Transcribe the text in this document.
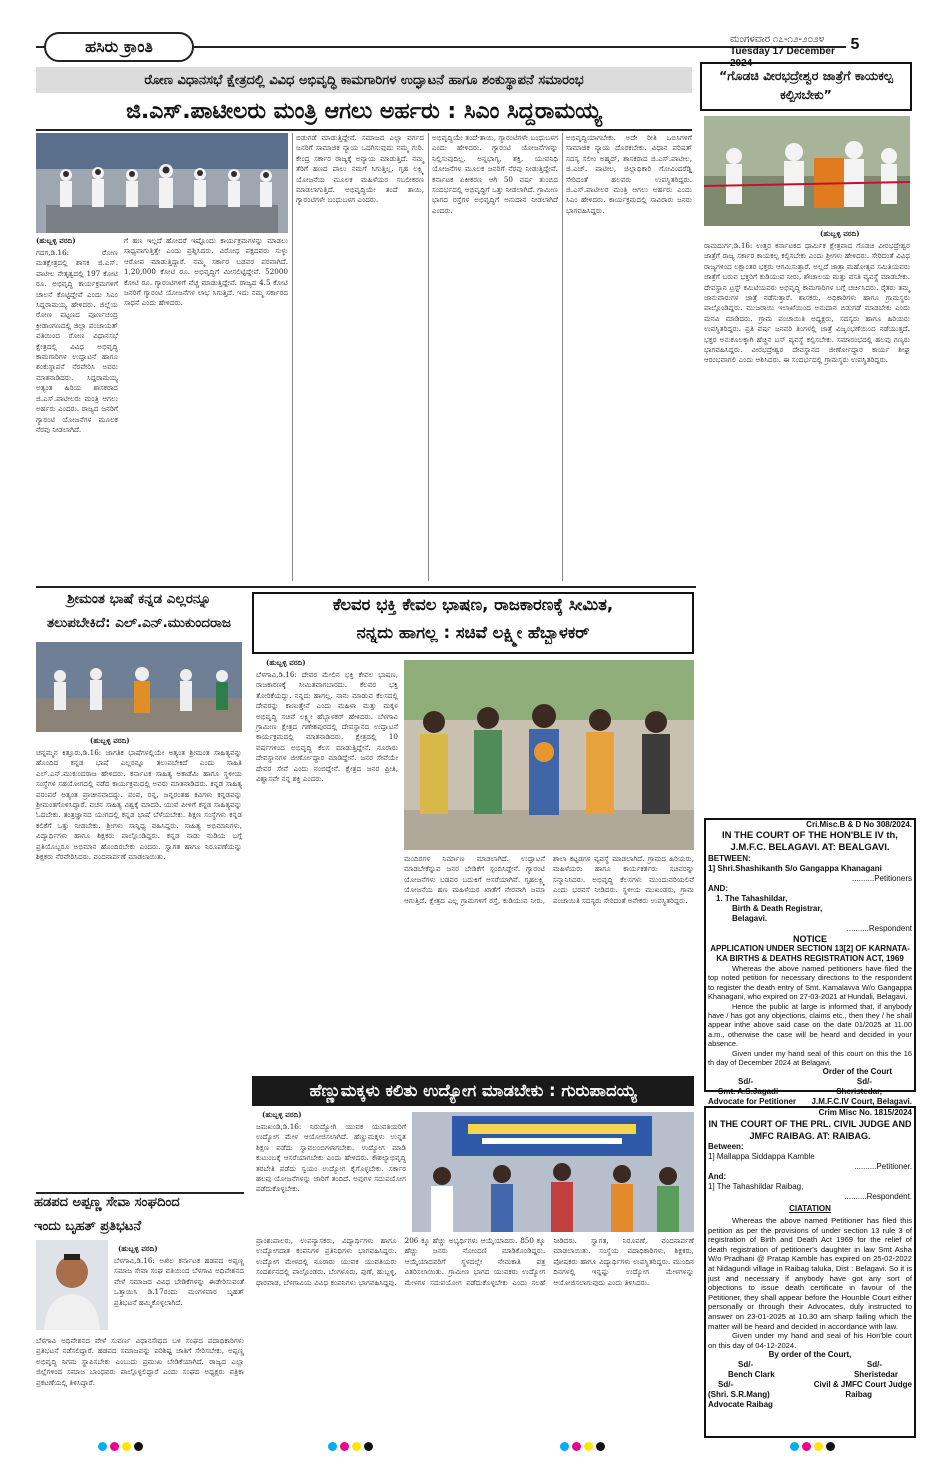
ಹಸಿರು ಕ್ರಾಂತಿ	ಮಂಗಳವಾರ ೧೭-೧೨-೨೦೨೪
Tuesday 17 December 2024
5
ರೋಣ ವಿಧಾನಸಭೆ ಕ್ಷೇತ್ರದಲ್ಲಿ ವಿವಿಧ ಅಭಿವೃದ್ಧಿ ಕಾಮಗಾರಿಗಳ ಉದ್ಘಾಟನೆ ಹಾಗೂ ಶಂಕುಸ್ಥಾಪನೆ ಸಮಾರಂಭ
ಜಿ.ಎಸ್.ಪಾಟೀಲರು ಮಂತ್ರಿ ಆಗಲು ಅರ್ಹರು : ಸಿಎಂ ಸಿದ್ದರಾಮಯ್ಯ
(ಹುಬ್ಬಳ್ಳಿ ವರದಿ)
ಗದಗ,ಡಿ.16: ರೋಣ ಮತಕ್ಷೇತ್ರದಲ್ಲಿ ಶಾಸಕ ಜಿ.ಎಸ್. ಪಾಟೀಲ ನೇತೃತ್ವದಲ್ಲಿ 197 ಕೋಟಿ ರೂ. ಅಭಿವೃದ್ಧಿ ಕಾರ್ಯಕ್ರಮಗಳಿಗೆ ಚಾಲನೆ ಕೊಟ್ಟಿದ್ದೇವೆ ಎಂದು ಸಿಎಂ ಸಿದ್ದರಾಮಯ್ಯ ಹೇಳಿದರು. ಜಿಲ್ಲೆಯ ರೋಣ ಪಟ್ಟಣದ ಪೂರ್ಣಚಂದ್ರ ಕ್ರೀಡಾಂಗಣದಲ್ಲಿ ಜಿಲ್ಲಾ ಪಂಚಾಯತ್ ವತಿಯಿಂದ ರೋಣ ವಿಧಾನಸಭೆ ಕ್ಷೇತ್ರದಲ್ಲಿ ವಿವಿಧ ಅಭಿವೃದ್ಧಿ ಕಾಮಗಾರಿಗಳ ಉದ್ಘಾಟನೆ ಹಾಗೂ ಶಂಕುಸ್ಥಾಪನೆ ನೆರವೇರಿಸಿ ಅವರು ಮಾತನಾಡಿದರು. ಸಿದ್ದರಾಮಯ್ಯ ಅತ್ಯಂತ ಹಿರಿಯ ಶಾಸಕರಾದ ಜಿ.ಎಸ್.ಪಾಟೀಲರು ಮಂತ್ರಿ ಆಗಲು ಅರ್ಹರು ಎಂದರು. ರಾಜ್ಯದ ಜನರಿಗೆ ಗ್ಯಾರಂಟಿ ಯೋಜನೆಗಳ ಮೂಲಕ ನೆರವು ನೀಡಲಾಗಿದೆ.
ಗೆ ಹಣ ಇಲ್ಲದೆ ಹೋದರೆ ಇಷ್ಟೊಂದು ಕಾರ್ಯಕ್ರಮಗಳನ್ನು ಮಾಡಲು ಸಾಧ್ಯವಾಗುತ್ತಿತ್ತೇ ಎಂದು ಪ್ರಶ್ನಿಸಿದರು. ವಿರೋಧ ಪಕ್ಷದವರು ಸುಳ್ಳು ಆರೋಪ ಮಾಡುತ್ತಿದ್ದಾರೆ. ನಮ್ಮ ಸರ್ಕಾರ ಬಡವರ ಪರವಾಗಿದೆ. 1,20,000 ಕೋಟಿ ರೂ. ಅಭಿವೃದ್ಧಿಗೆ ಮೀಸಲಿಟ್ಟಿದ್ದೇವೆ. 52000 ಕೋಟಿ ರೂ. ಗ್ಯಾರಂಟಿಗಳಿಗೆ ವೆಚ್ಚ ಮಾಡುತ್ತಿದ್ದೇವೆ. ರಾಜ್ಯದ 4.5 ಕೋಟಿ ಜನರಿಗೆ ಗ್ಯಾರಂಟಿ ಯೋಜನೆಗಳ ಲಾಭ ಸಿಗುತ್ತಿದೆ. ಇದು ನಮ್ಮ ಸರ್ಕಾರದ ಸಾಧನೆ ಎಂದು ಹೇಳಿದರು.
ಬಿಡುಗಡೆ ಮಾಡುತ್ತಿದ್ದೇವೆ. ಸಮಾಜದ ಎಲ್ಲಾ ವರ್ಗದ ಜನರಿಗೆ ಸಾಮಾಜಿಕ ನ್ಯಾಯ ಒದಗಿಸುವುದು ನಮ್ಮ ಗುರಿ. ಕೇಂದ್ರ ಸರ್ಕಾರ ರಾಜ್ಯಕ್ಕೆ ಅನ್ಯಾಯ ಮಾಡುತ್ತಿದೆ. ನಮ್ಮ ತೆರಿಗೆ ಹಣದ ಪಾಲು ನಮಗೆ ಸಿಗುತ್ತಿಲ್ಲ. ಗೃಹ ಲಕ್ಷ್ಮಿ ಯೋಜನೆಯ ಮೂಲಕ ಮಹಿಳೆಯರ ಸಬಲೀಕರಣ ಮಾಡಲಾಗುತ್ತಿದೆ. ಅಭಿವೃದ್ಧಿಯೇ ತಂದೆ ತಾಯಿ, ಗ್ಯಾರಂಟಿಗಳೇ ಬಂಧುಬಳಗ ಎಂದರು.
ಅಭಿವೃದ್ಧಿಯೇ ತಂದೆ-ತಾಯಿ, ಗ್ಯಾರಂಟಿಗಳೇ ಬಂಧುಬಳಗ ಎಂದು ಹೇಳಿದರು. ಗ್ಯಾರಂಟಿ ಯೋಜನೆಗಳನ್ನು ನಿಲ್ಲಿಸುವುದಿಲ್ಲ. ಅನ್ನಭಾಗ್ಯ, ಶಕ್ತಿ, ಯುವನಿಧಿ ಯೋಜನೆಗಳ ಮೂಲಕ ಜನರಿಗೆ ನೆರವು ನೀಡುತ್ತಿದ್ದೇವೆ. ಕರ್ನಾಟಕ ಏಕೀಕರಣ ಆಗಿ 50 ವರ್ಷ ತುಂಬಿದ ಸಂದರ್ಭದಲ್ಲಿ ಅಭಿವೃದ್ಧಿಗೆ ಒತ್ತು ನೀಡಲಾಗಿದೆ. ಗ್ರಾಮೀಣ ಭಾಗದ ರಸ್ತೆಗಳ ಅಭಿವೃದ್ಧಿಗೆ ಅನುದಾನ ನೀಡಲಾಗಿದೆ ಎಂದರು.
ಅಭಿವೃದ್ಧಿಯಾಗಬೇಕು. ಅದೇ ರೀತಿ ಒಬಿಸಿಗಳಿಗೆ ಸಾಮಾಜಿಕ ನ್ಯಾಯ ದೊರಕಬೇಕು. ವಿಧಾನ ಪರಿಷತ್ ಸದಸ್ಯ ಸಲೀಂ ಅಹ್ಮದ್, ಶಾಸಕರಾದ ಜಿ.ಎಸ್.ಪಾಟೀಲ, ಜಿ.ಎಚ್. ಪಾಟೀಲ, ಜಿಲ್ಲಾಧಿಕಾರಿ ಗೋವಿಂದರೆಡ್ಡಿ ಸೇರಿದಂತೆ ಹಲವರು ಉಪಸ್ಥಿತರಿದ್ದರು. ಜಿ.ಎಸ್.ಪಾಟೀಲರ ಮಂತ್ರಿ ಆಗಲು ಅರ್ಹರು ಎಂದು ಸಿಎಂ ಹೇಳಿದರು. ಕಾರ್ಯಕ್ರಮದಲ್ಲಿ ಸಾವಿರಾರು ಜನರು ಭಾಗವಹಿಸಿದ್ದರು.
“ಗೊಡಚಿ ವೀರಭದ್ರೇಶ್ವರ ಜಾತ್ರೆಗೆ ಕಾಯಕಲ್ಪ ಕಲ್ಪಿಸಬೇಕು”
(ಹುಬ್ಬಳ್ಳಿ ವರದಿ)
ರಾಮದುರ್ಗ,ಡಿ.16: ಉತ್ತರ ಕರ್ನಾಟಕದ ಧಾರ್ಮಿಕ ಕ್ಷೇತ್ರವಾದ ಗೊಡಚಿ ವೀರಭದ್ರೇಶ್ವರ ಜಾತ್ರೆಗೆ ರಾಜ್ಯ ಸರ್ಕಾರ ಕಾಯಕಲ್ಪ ಕಲ್ಪಿಸಬೇಕು ಎಂದು ಶ್ರೀಗಳು ಹೇಳಿದರು. ಸೇರಿದಂತೆ ವಿವಿಧ ರಾಜ್ಯಗಳಿಂದ ಲಕ್ಷಾಂತರ ಭಕ್ತರು ಆಗಮಿಸುತ್ತಾರೆ. ಅಲ್ಲದೆ ಜಾತ್ರಾ ಮಹೋತ್ಸವ ಸಮಿತಿಯವರು ಜಾತ್ರೆಗೆ ಬರುವ ಭಕ್ತರಿಗೆ ಕುಡಿಯುವ ನೀರು, ಶೌಚಾಲಯ ಮತ್ತು ವಸತಿ ವ್ಯವಸ್ಥೆ ಮಾಡಬೇಕು. ದೇವಸ್ಥಾನ ಟ್ರಸ್ಟ್ ಕಮಿಟಿಯವರು ಅಭಿವೃದ್ಧಿ ಕಾಮಗಾರಿಗಳ ಬಗ್ಗೆ ಚರ್ಚಿಸಿದರು. ರೈತರು ತಮ್ಮ ಜಾನುವಾರುಗಳ ಜಾತ್ರೆ ನಡೆಸುತ್ತಾರೆ. ಶಾಸಕರು, ಅಧಿಕಾರಿಗಳು ಹಾಗೂ ಗ್ರಾಮಸ್ಥರು ಪಾಲ್ಗೊಂಡಿದ್ದರು. ಮುಜರಾಯಿ ಇಲಾಖೆಯಿಂದ ಅನುದಾನ ಬಿಡುಗಡೆ ಮಾಡಬೇಕು ಎಂದು ಮನವಿ ಮಾಡಿದರು. ಗ್ರಾಮ ಪಂಚಾಯಿತಿ ಅಧ್ಯಕ್ಷರು, ಸದಸ್ಯರು ಹಾಗೂ ಹಿರಿಯರು ಉಪಸ್ಥಿತರಿದ್ದರು. ಪ್ರತಿ ವರ್ಷ ಜನವರಿ ತಿಂಗಳಲ್ಲಿ ಜಾತ್ರೆ ವಿಜೃಂಭಣೆಯಿಂದ ನಡೆಯುತ್ತದೆ. ಭಕ್ತರ ಅನುಕೂಲಕ್ಕಾಗಿ ಹೆಚ್ಚಿನ ಬಸ್ ವ್ಯವಸ್ಥೆ ಕಲ್ಪಿಸಬೇಕು. ಸಮಾರಂಭದಲ್ಲಿ ಹಲವು ಗಣ್ಯರು ಭಾಗವಹಿಸಿದ್ದರು. ವೀರಭದ್ರೇಶ್ವರ ದೇವಸ್ಥಾನದ ಜೀರ್ಣೋದ್ಧಾರ ಕಾರ್ಯ ಶೀಘ್ರ ಆರಂಭವಾಗಲಿ ಎಂದು ಆಶಿಸಿದರು. ಈ ಸಂದರ್ಭದಲ್ಲಿ ಗ್ರಾಮಸ್ಥರು ಉಪಸ್ಥಿತರಿದ್ದರು.
ಶ್ರೀಮಂತ ಭಾಷೆ ಕನ್ನಡ ಎಲ್ಲರನ್ನೂ
ತಲುಪಬೇಕಿದೆ: ಎಲ್.ಎನ್.ಮುಕುಂದರಾಜ
(ಹುಬ್ಬಳ್ಳಿ ವರದಿ)
ಚನ್ನಮ್ಮನ ಕಿತ್ತೂರು,ಡಿ.16: ಜಾಗತಿಕ ಭಾಷೆಗಳಲ್ಲಿಯೇ ಅತ್ಯಂತ ಶ್ರೀಮಂತ ಸಾಹಿತ್ಯವನ್ನು ಹೊಂದಿದ ಕನ್ನಡ ಭಾಷೆ ಎಲ್ಲರನ್ನೂ ತಲುಪಬೇಕಿದೆ ಎಂದು ಸಾಹಿತಿ ಎಲ್.ಎನ್.ಮುಕುಂದರಾಜ ಹೇಳಿದರು. ಕರ್ನಾಟಕ ಸಾಹಿತ್ಯ ಅಕಾಡೆಮಿ ಹಾಗೂ ಸ್ಥಳೀಯ ಸಂಸ್ಥೆಗಳ ಸಹಯೋಗದಲ್ಲಿ ನಡೆದ ಕಾರ್ಯಕ್ರಮದಲ್ಲಿ ಅವರು ಮಾತನಾಡಿದರು. ಕನ್ನಡ ಸಾಹಿತ್ಯ ಪರಂಪರೆ ಅತ್ಯಂತ ಪ್ರಾಚೀನವಾದದ್ದು. ಪಂಪ, ರನ್ನ, ಜನ್ನರಂತಹ ಕವಿಗಳು ಕನ್ನಡವನ್ನು ಶ್ರೀಮಂತಗೊಳಿಸಿದ್ದಾರೆ. ವಚನ ಸಾಹಿತ್ಯ ವಿಶ್ವಕ್ಕೆ ಮಾದರಿ. ಯುವ ಪೀಳಿಗೆ ಕನ್ನಡ ಸಾಹಿತ್ಯವನ್ನು ಓದಬೇಕು. ತಂತ್ರಜ್ಞಾನದ ಯುಗದಲ್ಲಿ ಕನ್ನಡ ಭಾಷೆ ಬೆಳೆಯಬೇಕು. ಶಿಕ್ಷಣ ಸಂಸ್ಥೆಗಳು ಕನ್ನಡ ಕಲಿಕೆಗೆ ಒತ್ತು ನೀಡಬೇಕು. ಶ್ರೀಗಳು ಸಾನ್ನಿಧ್ಯ ವಹಿಸಿದ್ದರು. ಸಾಹಿತ್ಯ ಅಭಿಮಾನಿಗಳು, ವಿದ್ಯಾರ್ಥಿಗಳು ಹಾಗೂ ಶಿಕ್ಷಕರು ಪಾಲ್ಗೊಂಡಿದ್ದರು. ಕನ್ನಡ ನಾಡು ನುಡಿಯ ಬಗ್ಗೆ ಪ್ರತಿಯೊಬ್ಬರೂ ಅಭಿಮಾನ ಹೊಂದಿರಬೇಕು ಎಂದರು. ಸ್ವಾಗತ ಹಾಗೂ ನಿರೂಪಣೆಯನ್ನು ಶಿಕ್ಷಕರು ನೆರವೇರಿಸಿದರು. ವಂದನಾರ್ಪಣೆ ಮಾಡಲಾಯಿತು.
ಹಡಪದ ಅಪ್ಪಣ್ಣ ಸೇವಾ ಸಂಘದಿಂದ
ಇಂದು ಬೃಹತ್ ಪ್ರತಿಭಟನೆ
(ಹುಬ್ಬಳ್ಳಿ ವರದಿ)
ಬೆಳಗಾವಿ,ಡಿ.16: ಅಖಿಲ ಕರ್ನಾಟಕ ಹಡಪದ ಅಪ್ಪಣ್ಣ ಸಮಾಜ ಸೇವಾ ಸಂಘ ವತಿಯಿಂದ ಬೆಳಗಾವಿ ಅಧಿವೇಶನದ ವೇಳೆ ಸಮಾಜದ ವಿವಿಧ ಬೇಡಿಕೆಗಳನ್ನು ಈಡೇರಿಸುವಂತೆ ಒತ್ತಾಯಿಸಿ ಡಿ.17ರಂದು ಮಂಗಳವಾರ ಬೃಹತ್ ಪ್ರತಿಭಟನೆ ಹಮ್ಮಿಕೊಳ್ಳಲಾಗಿದೆ.
ಬೆಳಗಾವಿ ಅಧಿವೇಶನದ ವೇಳೆ ಸುವರ್ಣ ವಿಧಾನಸೌಧದ ಬಳಿ ಸಂಘದ ಪದಾಧಿಕಾರಿಗಳು ಪ್ರತಿಭಟನೆ ನಡೆಸಲಿದ್ದಾರೆ. ಹಡಪದ ಸಮಾಜವನ್ನು ಪರಿಶಿಷ್ಟ ಜಾತಿಗೆ ಸೇರಿಸಬೇಕು, ಅಪ್ಪಣ್ಣ ಅಭಿವೃದ್ಧಿ ನಿಗಮ ಸ್ಥಾಪಿಸಬೇಕು ಎಂಬುದು ಪ್ರಮುಖ ಬೇಡಿಕೆಯಾಗಿದೆ. ರಾಜ್ಯದ ಎಲ್ಲಾ ಜಿಲ್ಲೆಗಳಿಂದ ಸಮಾಜ ಬಾಂಧವರು ಪಾಲ್ಗೊಳ್ಳಲಿದ್ದಾರೆ ಎಂದು ಸಂಘದ ಅಧ್ಯಕ್ಷರು ಪತ್ರಿಕಾ ಪ್ರಕಟಣೆಯಲ್ಲಿ ತಿಳಿಸಿದ್ದಾರೆ.
ಕೆಲವರ ಭಕ್ತಿ ಕೇವಲ ಭಾಷಣ, ರಾಜಕಾರಣಕ್ಕೆ ಸೀಮಿತ,
ನನ್ನದು ಹಾಗಲ್ಲ : ಸಚಿವೆ ಲಕ್ಷ್ಮೀ ಹೆಬ್ಬಾಳಕರ್
(ಹುಬ್ಬಳ್ಳಿ ವರದಿ)
ಬೆಳಗಾವಿ,ಡಿ.16: ದೇವರ ಮೇಲಿನ ಭಕ್ತಿ ಕೇವಲ ಭಾಷಣ, ರಾಜಕಾರಣಕ್ಕೆ ಸೀಮಿತವಾಗಬಾರದು. ಕೆಲವರ ಭಕ್ತಿ ತೋರಿಕೆಯದ್ದು. ನನ್ನದು ಹಾಗಲ್ಲ. ನಾನು ಮಾಡುವ ಕೆಲಸದಲ್ಲಿ ದೇವರನ್ನು ಕಾಣುತ್ತೇನೆ ಎಂದು ಮಹಿಳಾ ಮತ್ತು ಮಕ್ಕಳ ಅಭಿವೃದ್ಧಿ ಸಚಿವೆ ಲಕ್ಷ್ಮೀ ಹೆಬ್ಬಾಳಕರ್ ಹೇಳಿದರು. ಬೆಳಗಾವಿ ಗ್ರಾಮೀಣ ಕ್ಷೇತ್ರದ ಗಣೇಶಪುರದಲ್ಲಿ ದೇವಸ್ಥಾನದ ಉದ್ಘಾಟನೆ ಕಾರ್ಯಕ್ರಮದಲ್ಲಿ ಮಾತನಾಡಿದರು. ಕ್ಷೇತ್ರದಲ್ಲಿ 10 ವರ್ಷಗಳಿಂದ ಅಭಿವೃದ್ಧಿ ಕೆಲಸ ಮಾಡುತ್ತಿದ್ದೇನೆ. ನೂರಾರು ದೇವಸ್ಥಾನಗಳ ಜೀರ್ಣೋದ್ಧಾರ ಮಾಡಿದ್ದೇನೆ. ಜನರ ಸೇವೆಯೇ ದೇವರ ಸೇವೆ ಎಂದು ನಂಬಿದ್ದೇನೆ. ಕ್ಷೇತ್ರದ ಜನರ ಪ್ರೀತಿ, ವಿಶ್ವಾಸವೇ ನನ್ನ ಶಕ್ತಿ ಎಂದರು.
ಮಂದಿರಗಳ ನಿರ್ಮಾಣ ಮಾಡಲಾಗಿದೆ. ಉದ್ಘಾಟನೆ ಮಾಡಬೇಕೆನ್ನುವ ಜನರ ಬೇಡಿಕೆಗೆ ಸ್ಪಂದಿಸಿದ್ದೇನೆ. ಗ್ಯಾರಂಟಿ ಯೋಜನೆಗಳು ಬಡವರ ಬದುಕಿಗೆ ಆಸರೆಯಾಗಿವೆ. ಗೃಹಲಕ್ಷ್ಮಿ ಯೋಜನೆಯ ಹಣ ಮಹಿಳೆಯರ ಖಾತೆಗೆ ನೇರವಾಗಿ ಜಮಾ ಆಗುತ್ತಿದೆ. ಕ್ಷೇತ್ರದ ಎಲ್ಲ ಗ್ರಾಮಗಳಿಗೆ ರಸ್ತೆ, ಕುಡಿಯುವ ನೀರು, ಶಾಲಾ ಕಟ್ಟಡಗಳ ವ್ಯವಸ್ಥೆ ಮಾಡಲಾಗಿದೆ. ಗ್ರಾಮದ ಹಿರಿಯರು, ಮಹಿಳೆಯರು ಹಾಗೂ ಕಾರ್ಯಕರ್ತರು ಸಚಿವರನ್ನು ಸನ್ಮಾನಿಸಿದರು. ಅಭಿವೃದ್ಧಿ ಕೆಲಸಗಳು ಮುಂದುವರಿಯಲಿವೆ ಎಂದು ಭರವಸೆ ನೀಡಿದರು. ಸ್ಥಳೀಯ ಮುಖಂಡರು, ಗ್ರಾಮ ಪಂಚಾಯಿತಿ ಸದಸ್ಯರು ಸೇರಿದಂತೆ ಅನೇಕರು ಉಪಸ್ಥಿತರಿದ್ದರು.
ಹೆಣ್ಣುಮಕ್ಕಳು ಕಲಿತು ಉದ್ಯೋಗ ಮಾಡಬೇಕು : ಗುರುಪಾದಯ್ಯ
(ಹುಬ್ಬಳ್ಳಿ ವರದಿ)
ಜಮಖಂಡಿ,ಡಿ.16: ನಿರುದ್ಯೋಗಿ ಯುವಕ ಯುವತಿಯರಿಗೆ ಉದ್ಯೋಗ ಮೇಳ ಆಯೋಜಿಸಲಾಗಿದೆ. ಹೆಣ್ಣುಮಕ್ಕಳು ಉನ್ನತ ಶಿಕ್ಷಣ ಪಡೆದು ಸ್ವಾವಲಂಬಿಗಳಾಗಬೇಕು. ಉದ್ಯೋಗ ಮಾಡಿ ಕುಟುಂಬಕ್ಕೆ ಆಸರೆಯಾಗಬೇಕು ಎಂದು ಹೇಳಿದರು. ಕೌಶಲ್ಯಾಭಿವೃದ್ಧಿ ತರಬೇತಿ ಪಡೆದು ಸ್ವಯಂ ಉದ್ಯೋಗ ಕೈಗೊಳ್ಳಬೇಕು. ಸರ್ಕಾರ ಹಲವು ಯೋಜನೆಗಳನ್ನು ಜಾರಿಗೆ ತಂದಿದೆ. ಅವುಗಳ ಸದುಪಯೋಗ ಪಡೆದುಕೊಳ್ಳಬೇಕು.
ಪ್ರಾಂಶುಪಾಲರು, ಉಪನ್ಯಾಸಕರು, ವಿದ್ಯಾರ್ಥಿಗಳು ಹಾಗೂ ಉದ್ಯೋಗದಾತ ಕಂಪನಿಗಳ ಪ್ರತಿನಿಧಿಗಳು ಭಾಗವಹಿಸಿದ್ದರು. ಉದ್ಯೋಗ ಮೇಳದಲ್ಲಿ ನೂರಾರು ಯುವಕ ಯುವತಿಯರು ಸಂದರ್ಶನದಲ್ಲಿ ಪಾಲ್ಗೊಂಡರು. ಬೆಂಗಳೂರು, ಪುಣೆ, ಹುಬ್ಬಳ್ಳಿ, ಧಾರವಾಡ, ಬೆಳಗಾವಿಯ ವಿವಿಧ ಕಂಪನಿಗಳು ಭಾಗವಹಿಸಿದ್ದವು. 206 ಕ್ಕೂ ಹೆಚ್ಚು ಅಭ್ಯರ್ಥಿಗಳು ಆಯ್ಕೆಯಾದರು. 850 ಕ್ಕೂ ಹೆಚ್ಚು ಜನರು ನೋಂದಣಿ ಮಾಡಿಕೊಂಡಿದ್ದರು. ಆಯ್ಕೆಯಾದವರಿಗೆ ಸ್ಥಳದಲ್ಲೇ ನೇಮಕಾತಿ ಪತ್ರ ವಿತರಿಸಲಾಯಿತು. ಗ್ರಾಮೀಣ ಭಾಗದ ಯುವಕರು ಉದ್ಯೋಗ ಮೇಳಗಳ ಸದುಪಯೋಗ ಪಡೆದುಕೊಳ್ಳಬೇಕು ಎಂದು ಸಲಹೆ ನೀಡಿದರು. ಸ್ವಾಗತ, ನಿರೂಪಣೆ, ವಂದನಾರ್ಪಣೆ ಮಾಡಲಾಯಿತು. ಸಂಸ್ಥೆಯ ಪದಾಧಿಕಾರಿಗಳು, ಶಿಕ್ಷಕರು, ಪೋಷಕರು ಹಾಗೂ ವಿದ್ಯಾರ್ಥಿಗಳು ಉಪಸ್ಥಿತರಿದ್ದರು. ಮುಂದಿನ ದಿನಗಳಲ್ಲಿ ಇನ್ನಷ್ಟು ಉದ್ಯೋಗ ಮೇಳಗಳನ್ನು ಆಯೋಜಿಸಲಾಗುವುದು ಎಂದು ತಿಳಿಸಿದರು.
Cri.Misc.B & D No 308/2024.
IN THE COURT OF THE HON'BLE IV th,
J.M.F.C. BELAGAVI. AT: BEALGAVI.
BETWEEN:
1] Shri.Shashikanth S/o Gangappa Khanagani
..........Petitioners
AND:
1. The Tahashildar,
Birth & Death Registrar,
Belagavi.
..........Respondent
NOTICE
APPLICATION UNDER SECTION 13[2] OF KARNATA-
KA BIRTHS & DEATHS REGISTRATION ACT, 1969
Whereas the above named petitioners have filed the top noted petition for necessary directions to the respondent to register the death entry of Smt. Kamalavva W/o Gangappa Khanagani, who expired on 27-03-2021 at Hundali, Belagavi.
Hence the public at large is informed that, if anybody have / has got any objections, claims etc., then they / he shall appear inthe above said case on the date 01/2025 at 11.00 a.m., otherwise the case will be heard and decided in your absence.
Given under my hand seal of this court on this the 16 th day of December 2024 at Belagavi.
Order of the Court
Sd/-	Sd/-
Smt. A.S.Jagadi	Sheristedar,
Advocate for Petitioner J.M.F.C.IV Court, Belagavi.
Crim Misc No. 1815/2024
IN THE COURT OF THE PRL. CIVIL JUDGE AND
JMFC RAIBAG. AT: RAIBAG.
Between:
1] Mallappa Siddappa Kamble
..........Petitioner.
And:
1] The Tahashildar Raibag,
..........Respondent.
CIATATION
Whereas the above named Petitioner has filed this petition as per the provisions of under section 13 rule 3 of registration of Birth and Death Act 1969 for the relief of death registration of petitioner's daughter in law Smt Asha W/o Pradhani @ Pratap Kamble has expired on 25-02-2022 at Nidagundi village in Raibag taluka, Dist : Belagavi. So it is just and necessary if anybody have got any sort of objections to issue death certificate in favour of the Petitioner, they shall appear before the Hounble Court either personally or through their Advocates, duly instructed to answer on 23-01-2025 at 10.30 am sharp failing which the matter will be heard and decided in accordance with law.
Given under my hand and seal of his Hon'ble court on this day of 04-12-2024.
By order of the Court,
Sd/-	Sd/-
Bench Clark	Sheristedar
Sd/-	Civil & JMFC Court Judge
(Shri. S.R.Mang)	Raibag
Advocate Raibag
